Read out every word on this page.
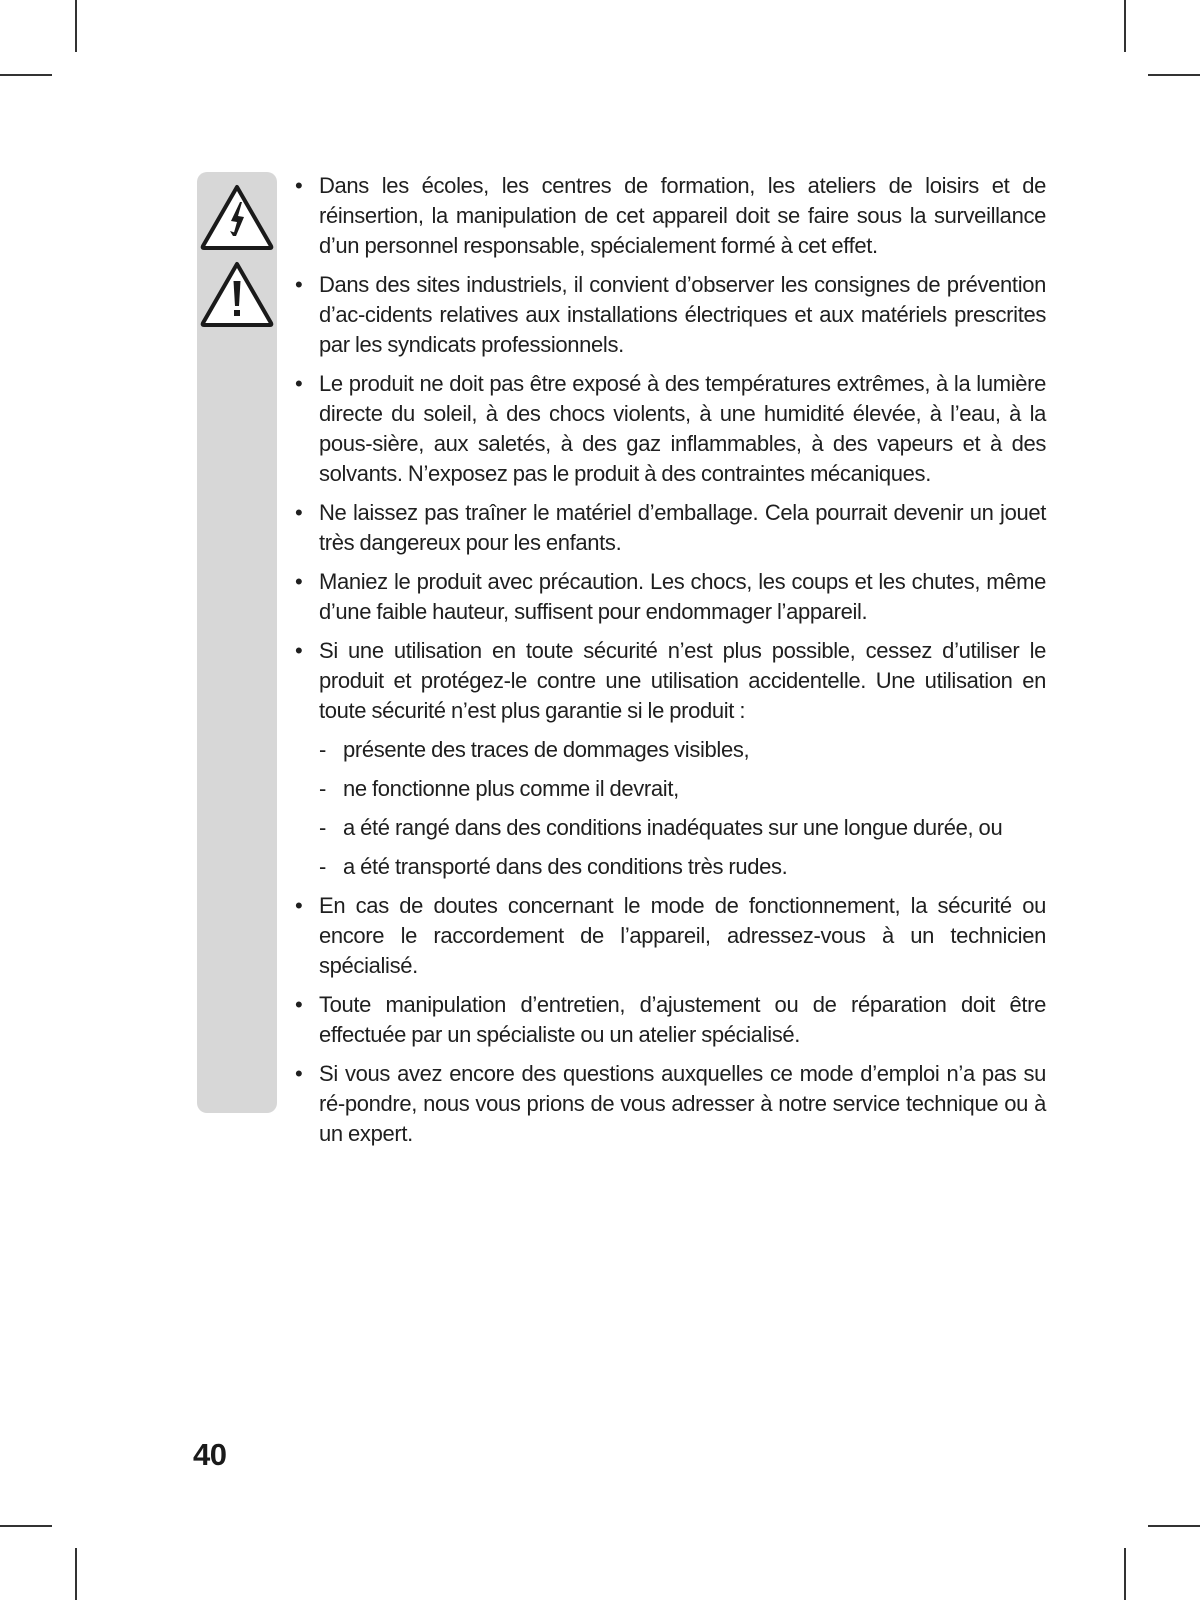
• Dans les écoles, les centres de formation, les ateliers de loisirs et de réinsertion, la manipulation de cet appareil doit se faire sous la surveillance d’un personnel responsable, spécialement formé à cet effet.
• Dans des sites industriels, il convient d’observer les consignes de prévention d’ac-cidents relatives aux installations électriques et aux matériels prescrites par les syndicats professionnels.
• Le produit ne doit pas être exposé à des températures extrêmes, à la lumière directe du soleil, à des chocs violents, à une humidité élevée, à l’eau, à la pous-sière, aux saletés, à des gaz inflammables, à des vapeurs et à des solvants. N’exposez pas le produit à des contraintes mécaniques.
• Ne laissez pas traîner le matériel d’emballage. Cela pourrait devenir un jouet très dangereux pour les enfants.
• Maniez le produit avec précaution. Les chocs, les coups et les chutes, même d’une faible hauteur, suffisent pour endommager l’appareil.
• Si une utilisation en toute sécurité n’est plus possible, cessez d’utiliser le produit et protégez-le contre une utilisation accidentelle. Une utilisation en toute sécurité n’est plus garantie si le produit :
- présente des traces de dommages visibles,
- ne fonctionne plus comme il devrait,
- a été rangé dans des conditions inadéquates sur une longue durée, ou
- a été transporté dans des conditions très rudes.
• En cas de doutes concernant le mode de fonctionnement, la sécurité ou encore le raccordement de l’appareil, adressez-vous à un technicien spécialisé.
• Toute manipulation d’entretien, d’ajustement ou de réparation doit être effectuée par un spécialiste ou un atelier spécialisé.
• Si vous avez encore des questions auxquelles ce mode d’emploi n’a pas su ré-pondre, nous vous prions de vous adresser à notre service technique ou à un expert.
40
